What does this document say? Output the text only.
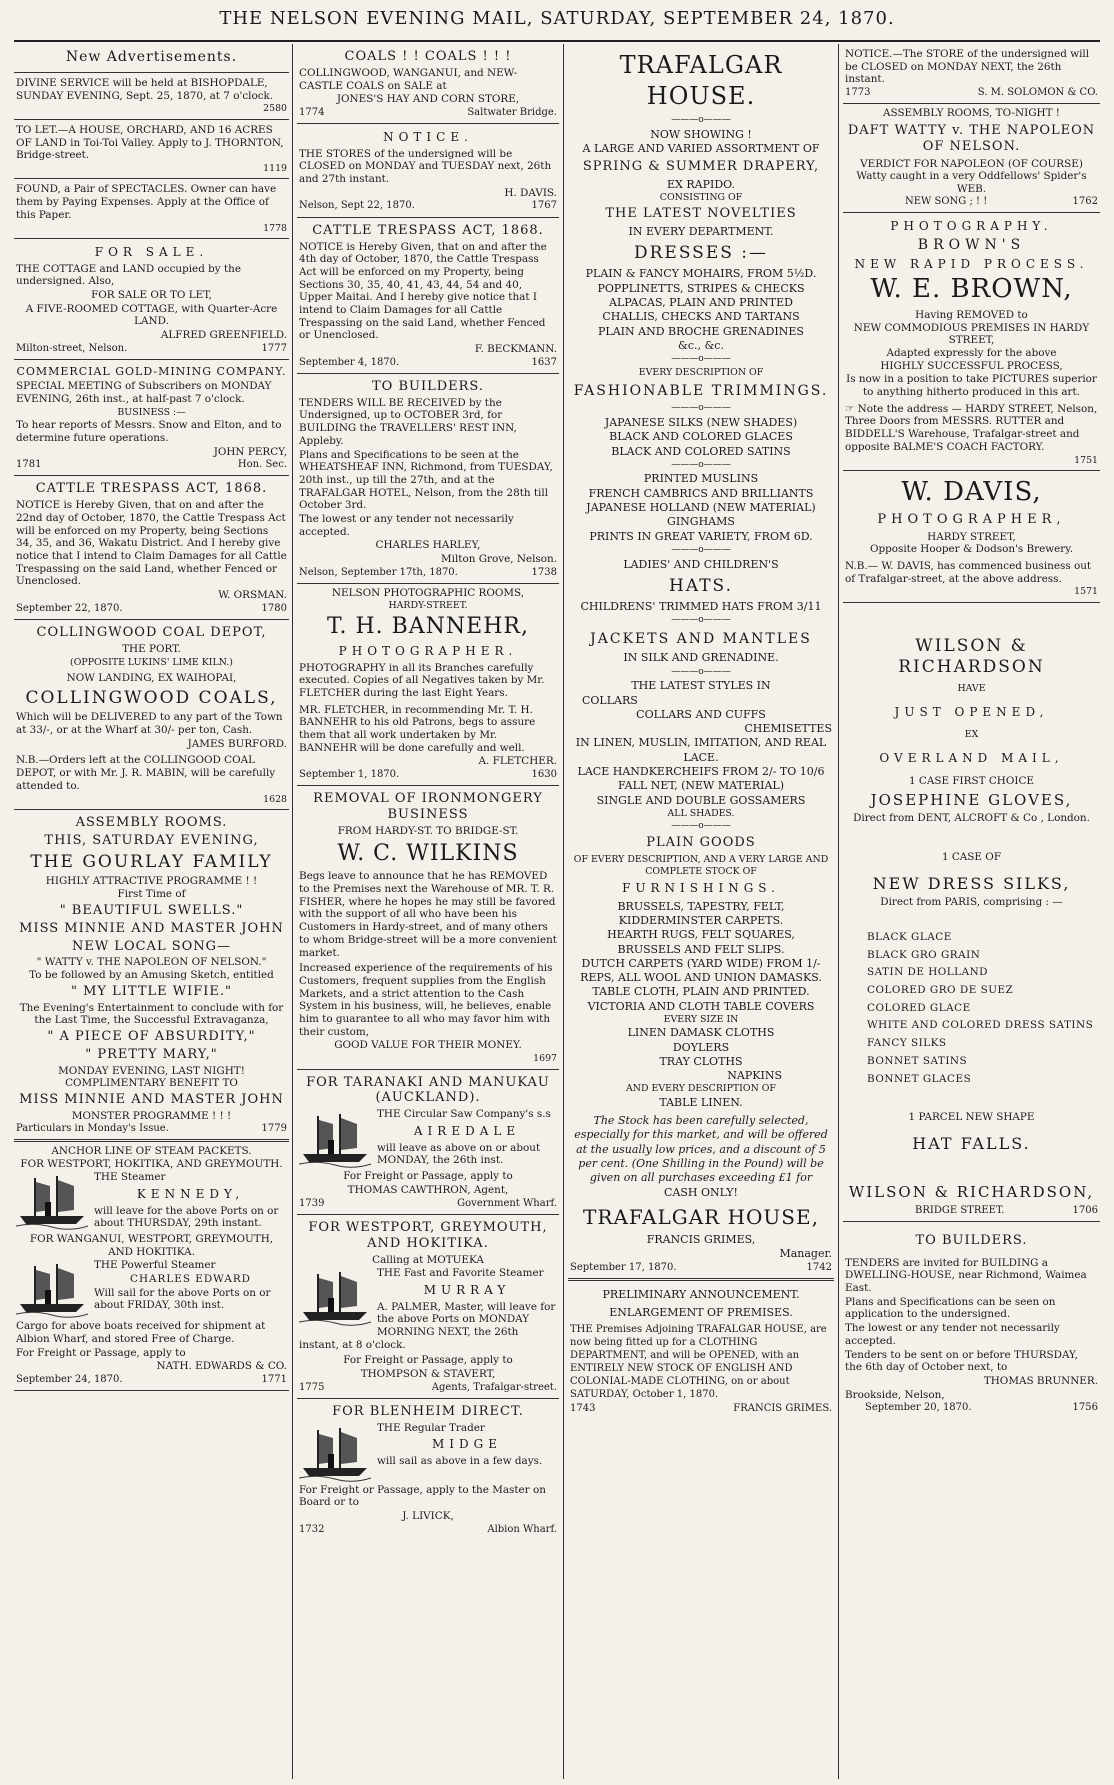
THE NELSON EVENING MAIL, SATURDAY, SEPTEMBER 24, 1870.
New Advertisements.

DIVINE SERVICE will be held at BISHOPDALE, SUNDAY EVENING, Sept. 25, 1870, at 7 o'clock.

2580

TO LET.—A HOUSE, ORCHARD, AND 16 ACRES OF LAND in Toi-Toi Valley. Apply to J. THORNTON, Bridge-street.

1119

FOUND, a Pair of SPECTACLES. Owner can have them by Paying Expenses. Apply at the Office of this Paper.

1778
FOR SALE.

THE COTTAGE and LAND occupied by the undersigned. Also,

FOR SALE OR TO LET,

A FIVE-ROOMED COTTAGE, with Quarter-Acre LAND.

ALFRED GREENFIELD.

Milton-street, Nelson.	1777
COMMERCIAL GOLD-MINING COMPANY.

SPECIAL MEETING of Subscribers on MONDAY EVENING, 26th inst., at half-past 7 o'clock.

BUSINESS :—

To hear reports of Messrs. Snow and Elton, and to determine future operations.

JOHN PERCY,

1781	Hon. Sec.
CATTLE TRESPASS ACT, 1868.

NOTICE is Hereby Given, that on and after the 22nd day of October, 1870, the Cattle Trespass Act will be enforced on my Property, being Sections 34, 35, and 36, Wakatu District. And I hereby give notice that I intend to Claim Damages for all Cattle Trespassing on the said Land, whether Fenced or Unenclosed.

W. ORSMAN.

September 22, 1870.	1780
COLLINGWOOD COAL DEPOT,

THE PORT.

(OPPOSITE LUKINS' LIME KILN.)

NOW LANDING, EX WAIHOPAI,

COLLINGWOOD COALS,

Which will be DELIVERED to any part of the Town at 33/-, or at the Wharf at 30/- per ton, Cash.

JAMES BURFORD.

N.B.—Orders left at the COLLINGOOD COAL DEPOT, or with Mr. J. R. MABIN, will be carefully attended to.

1628
ASSEMBLY ROOMS.
THIS, SATURDAY EVENING,
THE GOURLAY FAMILY
HIGHLY ATTRACTIVE PROGRAMME ! !
First Time of
" BEAUTIFUL SWELLS."
MISS MINNIE AND MASTER JOHN
NEW LOCAL SONG—
" WATTY v. THE NAPOLEON OF NELSON."
To be followed by an Amusing Sketch, entitled
" MY LITTLE WIFIE."

The Evening's Entertainment to conclude with for the Last Time, the Successful Extravaganza,

" A PIECE OF ABSURDITY,"
" PRETTY MARY,"
MONDAY EVENING, LAST NIGHT!
COMPLIMENTARY BENEFIT TO
MISS MINNIE AND MASTER JOHN
MONSTER PROGRAMME ! ! !
Particulars in Monday's Issue.	1779
ANCHOR LINE OF STEAM PACKETS.
FOR WESTPORT, HOKITIKA, AND GREYMOUTH.

THE Steamer

KENNEDY,

will leave for the above Ports on or about THURSDAY, 29th instant.

FOR WANGANUI, WESTPORT, GREYMOUTH, AND HOKITIKA.

THE Powerful Steamer

CHARLES EDWARD

Will sail for the above Ports on or about FRIDAY, 30th inst.

Cargo for above boats received for shipment at Albion Wharf, and stored Free of Charge.

For Freight or Passage, apply to

NATH. EDWARDS & CO.

September 24, 1870.	1771
COALS ! ! COALS ! ! !

COLLINGWOOD, WANGANUI, and NEW-CASTLE COALS on SALE at

JONES'S HAY AND CORN STORE,

1774	Saltwater Bridge.
NOTICE.

THE STORES of the undersigned will be CLOSED on MONDAY and TUESDAY next, 26th and 27th instant.

H. DAVIS.

Nelson, Sept 22, 1870.	1767
CATTLE TRESPASS ACT, 1868.

NOTICE is Hereby Given, that on and after the 4th day of October, 1870, the Cattle Trespass Act will be enforced on my Property, being Sections 30, 35, 40, 41, 43, 44, 54 and 40, Upper Maitai. And I hereby give notice that I intend to Claim Damages for all Cattle Trespassing on the said Land, whether Fenced or Unenclosed.

F. BECKMANN.

September 4, 1870.	1637
TO BUILDERS.

TENDERS WILL BE RECEIVED by the Undersigned, up to OCTOBER 3rd, for BUILDING the TRAVELLERS' REST INN, Appleby.

Plans and Specifications to be seen at the WHEATSHEAF INN, Richmond, from TUESDAY, 20th inst., up till the 27th, and at the TRAFALGAR HOTEL, Nelson, from the 28th till October 3rd.

The lowest or any tender not necessarily accepted.

CHARLES HARLEY,

Milton Grove, Nelson.

Nelson, September 17th, 1870.	1738
NELSON PHOTOGRAPHIC ROOMS,
HARDY-STREET.
T. H. BANNEHR,
PHOTOGRAPHER.

PHOTOGRAPHY in all its Branches carefully executed. Copies of all Negatives taken by Mr. FLETCHER during the last Eight Years.

MR. FLETCHER, in recommending Mr. T. H. BANNEHR to his old Patrons, begs to assure them that all work undertaken by Mr. BANNEHR will be done carefully and well.

A. FLETCHER.

September 1, 1870.	1630
REMOVAL OF IRONMONGERY BUSINESS
FROM HARDY-ST. TO BRIDGE-ST.
W. C. WILKINS

Begs leave to announce that he has REMOVED to the Premises next the Warehouse of MR. T. R. FISHER, where he hopes he may still be favored with the support of all who have been his Customers in Hardy-street, and of many others to whom Bridge-street will be a more convenient market.

Increased experience of the requirements of his Customers, frequent supplies from the English Markets, and a strict attention to the Cash System in his business, will, he believes, enable him to guarantee to all who may favor him with their custom,

GOOD VALUE FOR THEIR MONEY.

1697
FOR TARANAKI AND MANUKAU (AUCKLAND).

THE Circular Saw Company's s.s

AIREDALE

will leave as above on or about MONDAY, the 26th inst.

For Freight or Passage, apply to

THOMAS CAWTHRON, Agent,

1739	Government Wharf.
FOR WESTPORT, GREYMOUTH, AND HOKITIKA.
Calling at MOTUEKA

THE Fast and Favorite Steamer

MURRAY

A. PALMER, Master, will leave for the above Ports on MONDAY MORNING NEXT, the 26th instant, at 8 o'clock.

For Freight or Passage, apply to

THOMPSON & STAVERT,

1775	Agents, Trafalgar-street.
FOR BLENHEIM DIRECT.

THE Regular Trader

MIDGE

will sail as above in a few days.

For Freight or Passage, apply to the Master on Board or to

J. LIVICK,

1732	Albion Wharf.
TRAFALGAR HOUSE.
———o———
NOW SHOWING !
A LARGE AND VARIED ASSORTMENT OF
SPRING & SUMMER DRAPERY,
EX RAPIDO.
CONSISTING OF
THE LATEST NOVELTIES
IN EVERY DEPARTMENT.
DRESSES :—
PLAIN & FANCY MOHAIRS, FROM 5½D.
POPPLINETTS, STRIPES & CHECKS
ALPACAS, PLAIN AND PRINTED
CHALLIS, CHECKS AND TARTANS
PLAIN AND BROCHE GRENADINES
&c., &c.
———o———
EVERY DESCRIPTION OF
FASHIONABLE TRIMMINGS.
———o———
JAPANESE SILKS (NEW SHADES)
BLACK AND COLORED GLACES
BLACK AND COLORED SATINS
———o———
PRINTED MUSLINS
FRENCH CAMBRICS AND BRILLIANTS
JAPANESE HOLLAND (NEW MATERIAL)
GINGHAMS
PRINTS IN GREAT VARIETY, FROM 6D.
———o———
LADIES' AND CHILDREN'S
HATS.
CHILDRENS' TRIMMED HATS FROM 3/11
———o———
JACKETS AND MANTLES
IN SILK AND GRENADINE.
———o———
THE LATEST STYLES IN
COLLARS
COLLARS AND CUFFS
CHEMISETTES
IN LINEN, MUSLIN, IMITATION, AND REAL LACE.
LACE HANDKERCHEIFS FROM 2/- TO 10/6
FALL NET, (NEW MATERIAL)
SINGLE AND DOUBLE GOSSAMERS
ALL SHADES.
———o———
PLAIN GOODS
OF EVERY DESCRIPTION, AND A VERY LARGE AND COMPLETE STOCK OF
FURNISHINGS.
BRUSSELS, TAPESTRY, FELT,
KIDDERMINSTER CARPETS.
HEARTH RUGS, FELT SQUARES,
BRUSSELS AND FELT SLIPS.
DUTCH CARPETS (YARD WIDE) FROM 1/-
REPS, ALL WOOL AND UNION DAMASKS.
TABLE CLOTH, PLAIN AND PRINTED.
VICTORIA AND CLOTH TABLE COVERS
EVERY SIZE IN
LINEN DAMASK CLOTHS
DOYLERS
TRAY CLOTHS
NAPKINS
AND EVERY DESCRIPTION OF
TABLE LINEN.

The Stock has been carefully selected, especially for this market, and will be offered at the usually low prices, and a discount of 5 per cent. (One Shilling in the Pound) will be given on all purchases exceeding £1 for

CASH ONLY!
TRAFALGAR HOUSE,
FRANCIS GRIMES,
Manager.
September 17, 1870.	1742
PRELIMINARY ANNOUNCEMENT.
ENLARGEMENT OF PREMISES.

THE Premises Adjoining TRAFALGAR HOUSE, are now being fitted up for a CLOTHING DEPARTMENT, and will be OPENED, with an ENTIRELY NEW STOCK OF ENGLISH AND COLONIAL-MADE CLOTHING, on or about SATURDAY, October 1, 1870.

1743	FRANCIS GRIMES.

NOTICE.—The STORE of the undersigned will be CLOSED on MONDAY NEXT, the 26th instant.

1773	S. M. SOLOMON & CO.
ASSEMBLY ROOMS, TO-NIGHT !
DAFT WATTY v. THE NAPOLEON OF NELSON.
VERDICT FOR NAPOLEON (OF COURSE)
Watty caught in a very Oddfellows' Spider's WEB.
NEW SONG ; ! !	1762
PHOTOGRAPHY.
BROWN'S
NEW RAPID PROCESS.
W. E. BROWN,
Having REMOVED to
NEW COMMODIOUS PREMISES IN HARDY STREET,
Adapted expressly for the above
HIGHLY SUCCESSFUL PROCESS,

Is now in a position to take PICTURES superior to anything hitherto produced in this art.

☞ Note the address — HARDY STREET, Nelson, Three Doors from MESSRS. RUTTER and BIDDELL'S Warehouse, Trafalgar-street and opposite BALME'S COACH FACTORY.

1751
W. DAVIS,
PHOTOGRAPHER,
HARDY STREET,
Opposite Hooper & Dodson's Brewery.

N.B.— W. DAVIS, has commenced business out of Trafalgar-street, at the above address.

1571
WILSON & RICHARDSON
HAVE
JUST OPENED,
EX
OVERLAND MAIL,
1 CASE FIRST CHOICE
JOSEPHINE GLOVES,
Direct from DENT, ALCROFT & Co , London.
1 CASE OF
NEW DRESS SILKS,
Direct from PARIS, comprising : —
BLACK GLACE
BLACK GRO GRAIN
SATIN DE HOLLAND
COLORED GRO DE SUEZ
COLORED GLACE
WHITE AND COLORED DRESS SATINS
FANCY SILKS
BONNET SATINS
BONNET GLACES
1 PARCEL NEW SHAPE
HAT FALLS.
WILSON & RICHARDSON,
BRIDGE STREET.	1706
TO BUILDERS.

TENDERS are invited for BUILDING a DWELLING-HOUSE, near Richmond, Waimea East.

Plans and Specifications can be seen on application to the undersigned.

The lowest or any tender not necessarily accepted.

Tenders to be sent on or before THURSDAY, the 6th day of October next, to

THOMAS BRUNNER.

Brookside, Nelson,

September 20, 1870.	1756
